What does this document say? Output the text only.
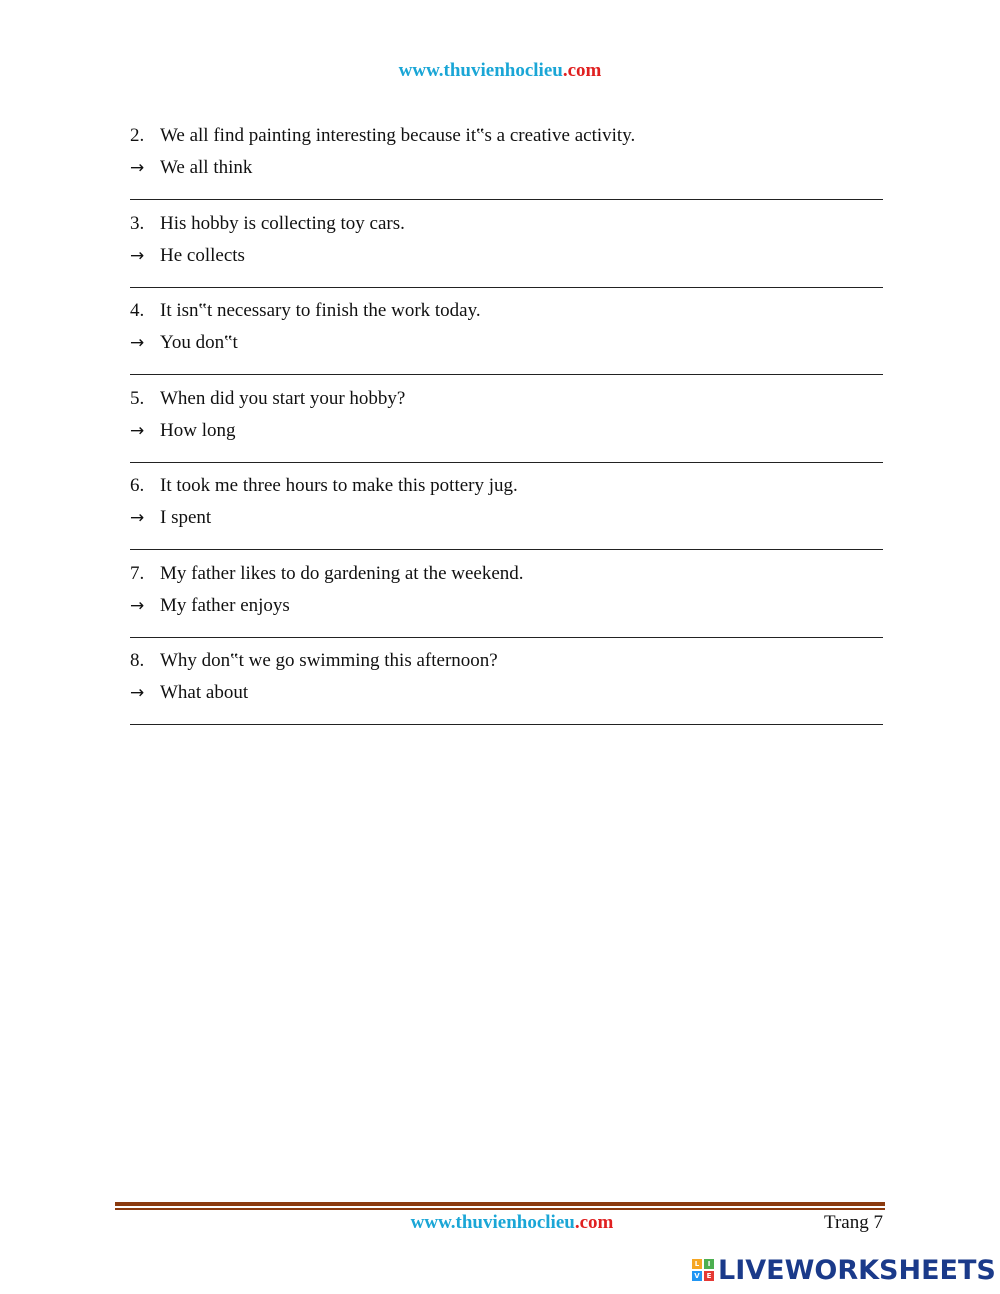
www.thuvienhoclieu.com
2. We all find painting interesting because it‟s a creative activity.
→ We all think
3. His hobby is collecting toy cars.
→ He collects
4. It isn‟t necessary to finish the work today.
→ You don‟t
5. When did you start your hobby?
→ How long
6. It took me three hours to make this pottery jug.
→ I spent
7. My father likes to do gardening at the weekend.
→ My father enjoys
8. Why don‟t we go swimming this afternoon?
→ What about
www.thuvienhoclieu.com	Trang 7
L	I
V E LIVEWORKSHEETS
